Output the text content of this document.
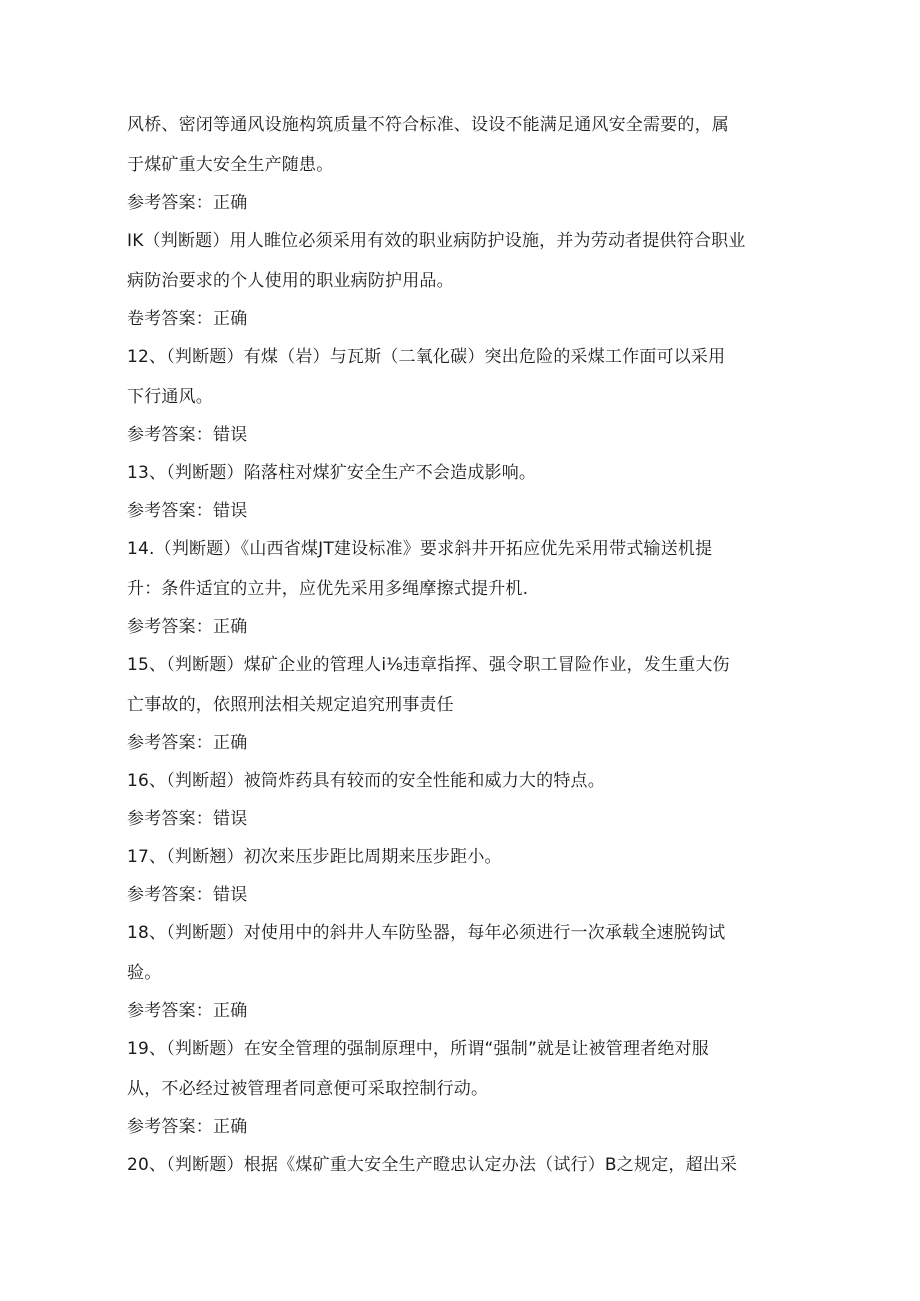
风桥、密闭等通风设施构筑质量不符合标准、设设不能满足通风安全需要的，属

于煤矿重大安全生产随患。

参考答案：正确

IK（判断题）用人睢位必须采用有效的职业病防护设施，并为劳动者提供符合职业

病防治要求的个人使用的职业病防护用品。

卷考答案：正确

12、（判断题）有煤（岩）与瓦斯（二氧化碳）突出危险的采煤工作面可以采用

下行通风。

参考答案：错误

13、（判断题）陷落柱对煤犷安全生产不会造成影响。

参考答案：错误

14.（判断题）《山西省煤JT建设标准》要求斜井开拓应优先采用带式输送机提

升：条件适宜的立井，应优先采用多绳摩擦式提升机.

参考答案：正确

15、（判断题）煤矿企业的管理人i⅛违章指挥、强令职工冒险作业，发生重大伤

亡事故的，依照刑法相关规定追究刑事责任

参考答案：正确

16、（判断超）被筒炸药具有较而的安全性能和威力大的特点。

参考答案：错误

17、（判断翘）初次来压步距比周期来压步距小。

参考答案：错误

18、（判断题）对使用中的斜井人车防坠器，每年必须进行一次承载全速脱钩试

验。

参考答案：正确

19、（判断题）在安全管理的强制原理中，所谓“强制”就是让被管理者绝对服

从，不必经过被管理者同意便可采取控制行动。

参考答案：正确

20、（判断题）根据《煤矿重大安全生产瞪忠认定办法（试行）B之规定，超出采
